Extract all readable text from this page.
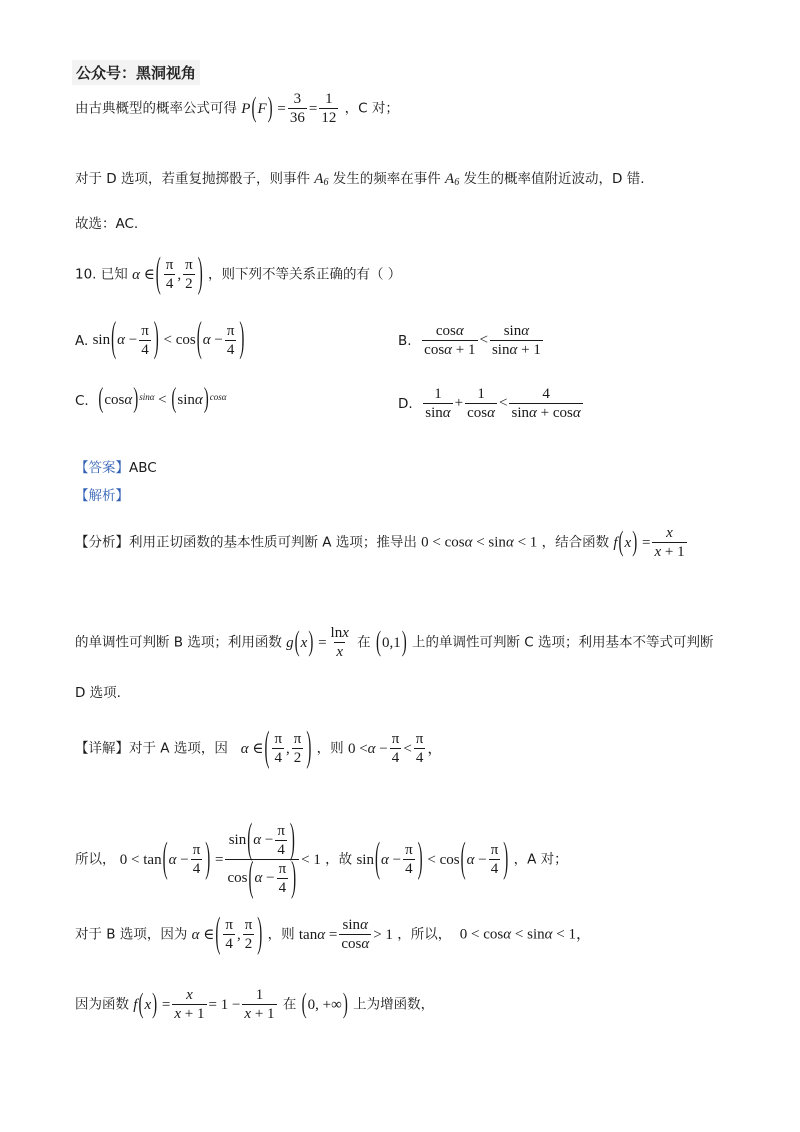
公众号：黑洞视角
由古典概型的概率公式可得 P ( F ) = $\frac{3}{36} = \frac{1}{12}$ ，C 对；
对于 D 选项，若重复抛掷骰子，则事件 $A_6$ 发生的频率在事件 $A_6$ 发生的概率值附近波动，D 错.
故选：AC.
10. 已知 α ∈ ( $\frac{\pi}{4}$ , $\frac{\pi}{2}$ ) ，则下列不等关系正确的有（ ）
A.
sin ( $\alpha - \frac{\pi}{4}$ ) < cos ( $\alpha - \frac{\pi}{4}$ )	B.
$\frac{\cos\alpha}{\cos\alpha + 1} < \frac{\sin\alpha}{\sin\alpha + 1}$
C.
( cos α ) sinα < ( sin α ) cosα	D.
$\frac{1}{\sin\alpha} + \frac{1}{\cos\alpha} < \frac{4}{\sin\alpha + \cos\alpha}$
【答案】ABC
【解析】
【分析】利用正切函数的基本性质可判断 A 选项；推导出 0 < cosα < sinα < 1 ，结合函数 f ( x ) = $\frac{x}{x + 1}$
的单调性可判断 B 选项；利用函数 g ( x ) = $\frac{\ln x}{x}$ 在 (0,1) 上的单调性可判断 C 选项；利用基本不等式可判断
D 选项.
【详解】对于 A 选项，因 α ∈ ( $\frac{\pi}{4}$ , $\frac{\pi}{2}$ ) ，则 $0 < \alpha - \frac{\pi}{4} < \frac{\pi}{4}$ ，
所以， 0 < tan ( $\alpha - \frac{\pi}{4}$ ) = $\frac{\sin(\alpha - \frac{\pi}{4} )}{\cos(\alpha - \frac{\pi}{4} )} < 1$ ，故 sin ( $\alpha - \frac{\pi}{4}$ ) < cos ( $\alpha - \frac{\pi}{4}$ ) ，A 对；
对于 B 选项，因为 α ∈ ( $\frac{\pi}{4}$ , $\frac{\pi}{2}$ ) ，则 $\tan \alpha = \frac{\sin\alpha}{\cos\alpha} > 1$ ，所以， 0 < cosα < sinα < 1，
因为函数 f ( x ) = $\frac{x}{x + 1} = 1 - \frac{1}{x + 1}$ 在 (0, +∞) 上为增函数，
